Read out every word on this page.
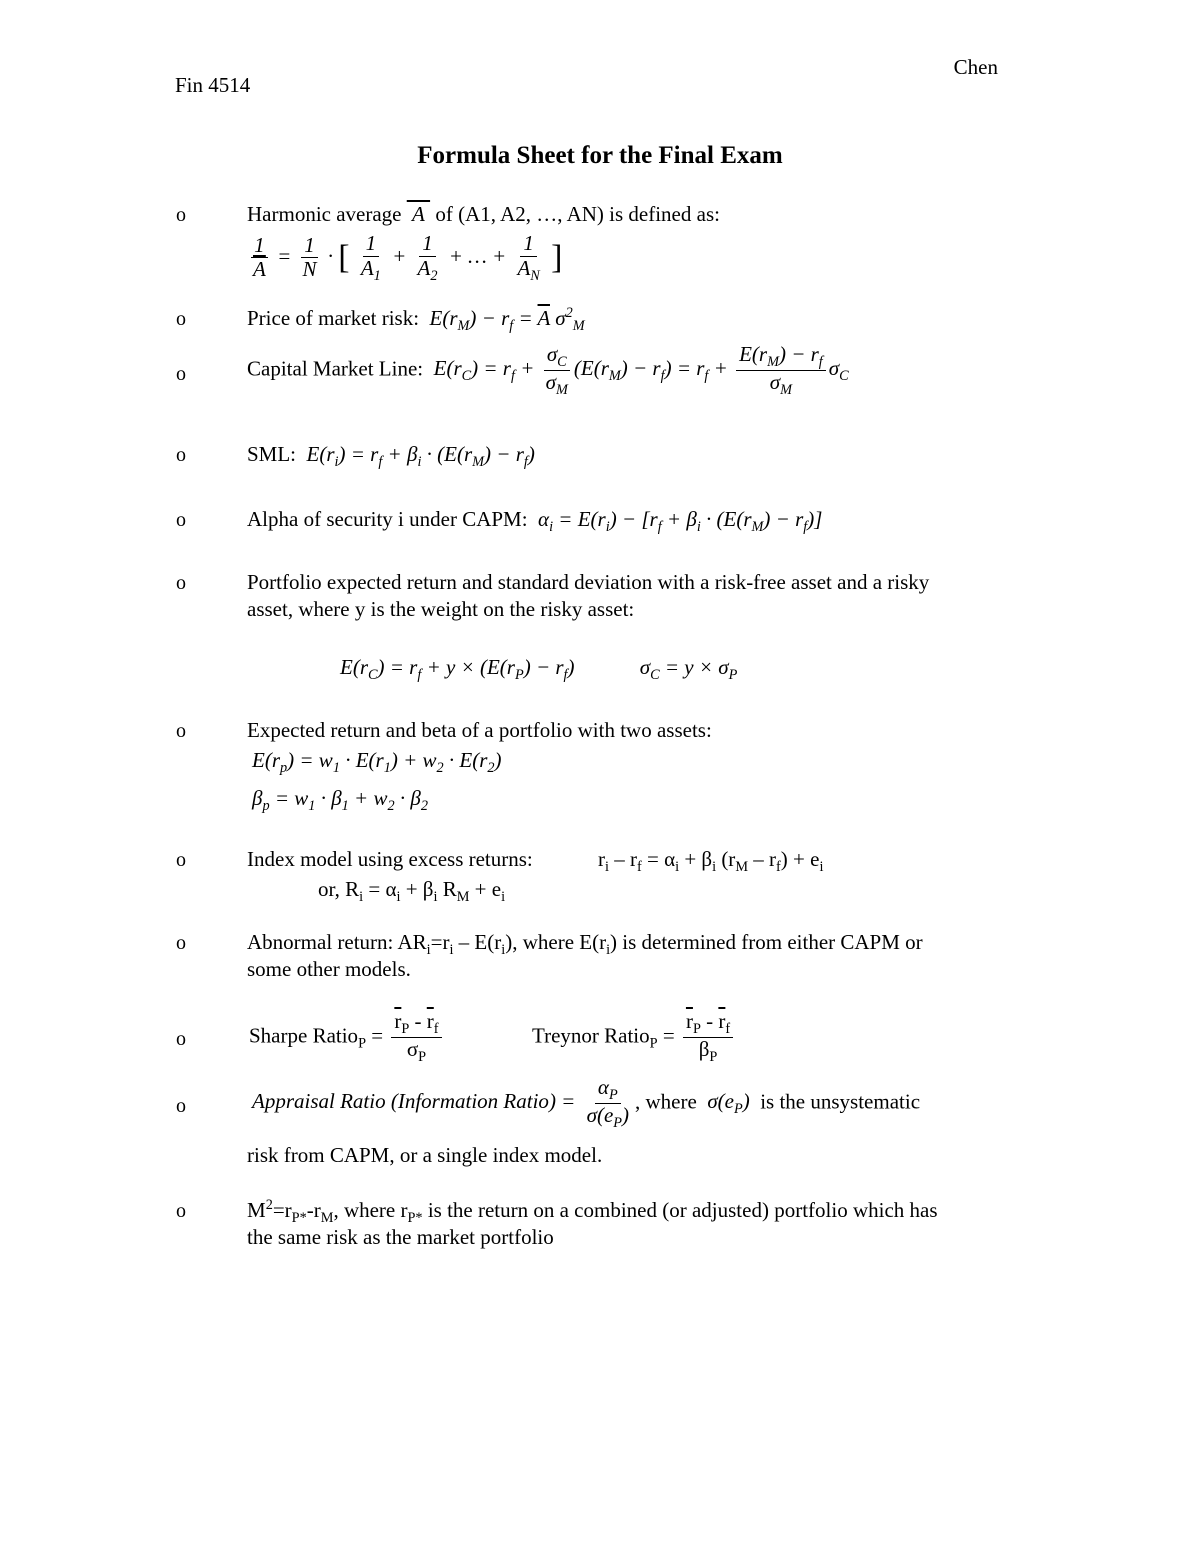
Chen
Fin 4514
Formula Sheet for the Final Exam
o
o
o
o
o
o
o
o
o
o
o
o
Harmonic average  A  of (A1, A2, …, AN) is defined as:
$\frac{1}{A} = \frac{1}{N}$ · [ $\frac{1}{A_1} + \frac{1}{A_2}$ + … + $\frac{1}{A_N}$ ]
Price of market risk:  $E(r_M) - r_f = \overline{A}$ $\sigma^2_M$
Capital Market Line:  $E(r_C) = r_f + \frac{\sigma_C}{\sigma_M} (E(r_M) - r_f) = r_f + \frac{E(r_M) - r_f}{\sigma_M} \sigma_C$
SML:  $E(r_i) = r_f + \beta_i \cdot (E(r_M) - r_f)$
Alpha of security i under CAPM:  $\alpha_i = E(r_i) - [r_f + \beta_i \cdot (E(r_M) - r_f)]$
Portfolio expected return and standard deviation with a risk-free asset and a risky
asset, where y is the weight on the risky asset:
$E(r_C) = r_f + y \times (E(r_P) - r_f)$	$\sigma_C = y \times \sigma_P$
Expected return and beta of a portfolio with two assets:
$E(r_p) = w_1 \cdot E(r_1) + w_2 \cdot E(r_2)$
$\beta_p = w_1 \cdot \beta_1 + w_2 \cdot \beta_2$
Index model using excess returns:	$r_i - r_f = \alpha_i + \beta_i$ $(r_M - r_f) + e_i$
or, $R_i = \alpha_i + \beta_i$ $R_M + e_i$
Abnormal return: $AR_i=r_i - E(r_i)$, where $E(r_i)$ is determined from either CAPM or
some other models.
Sharpe Ratio$_P$ = $\frac{\overline{r}_P - \overline{r}_f}{\sigma_P}$	Treynor Ratio$_P$ = $\frac{\overline{r}_P - \overline{r}_f}{\beta_P}$
Appraisal Ratio (Information Ratio) = $\frac{\alpha_P}{\sigma(e_P)}$ , where  $\sigma(e_P)$  is the unsystematic
risk from CAPM, or a single index model.
$M^2=r_{P*}-r_M$, where $r_{P*}$ is the return on a combined (or adjusted) portfolio which has
the same risk as the market portfolio
